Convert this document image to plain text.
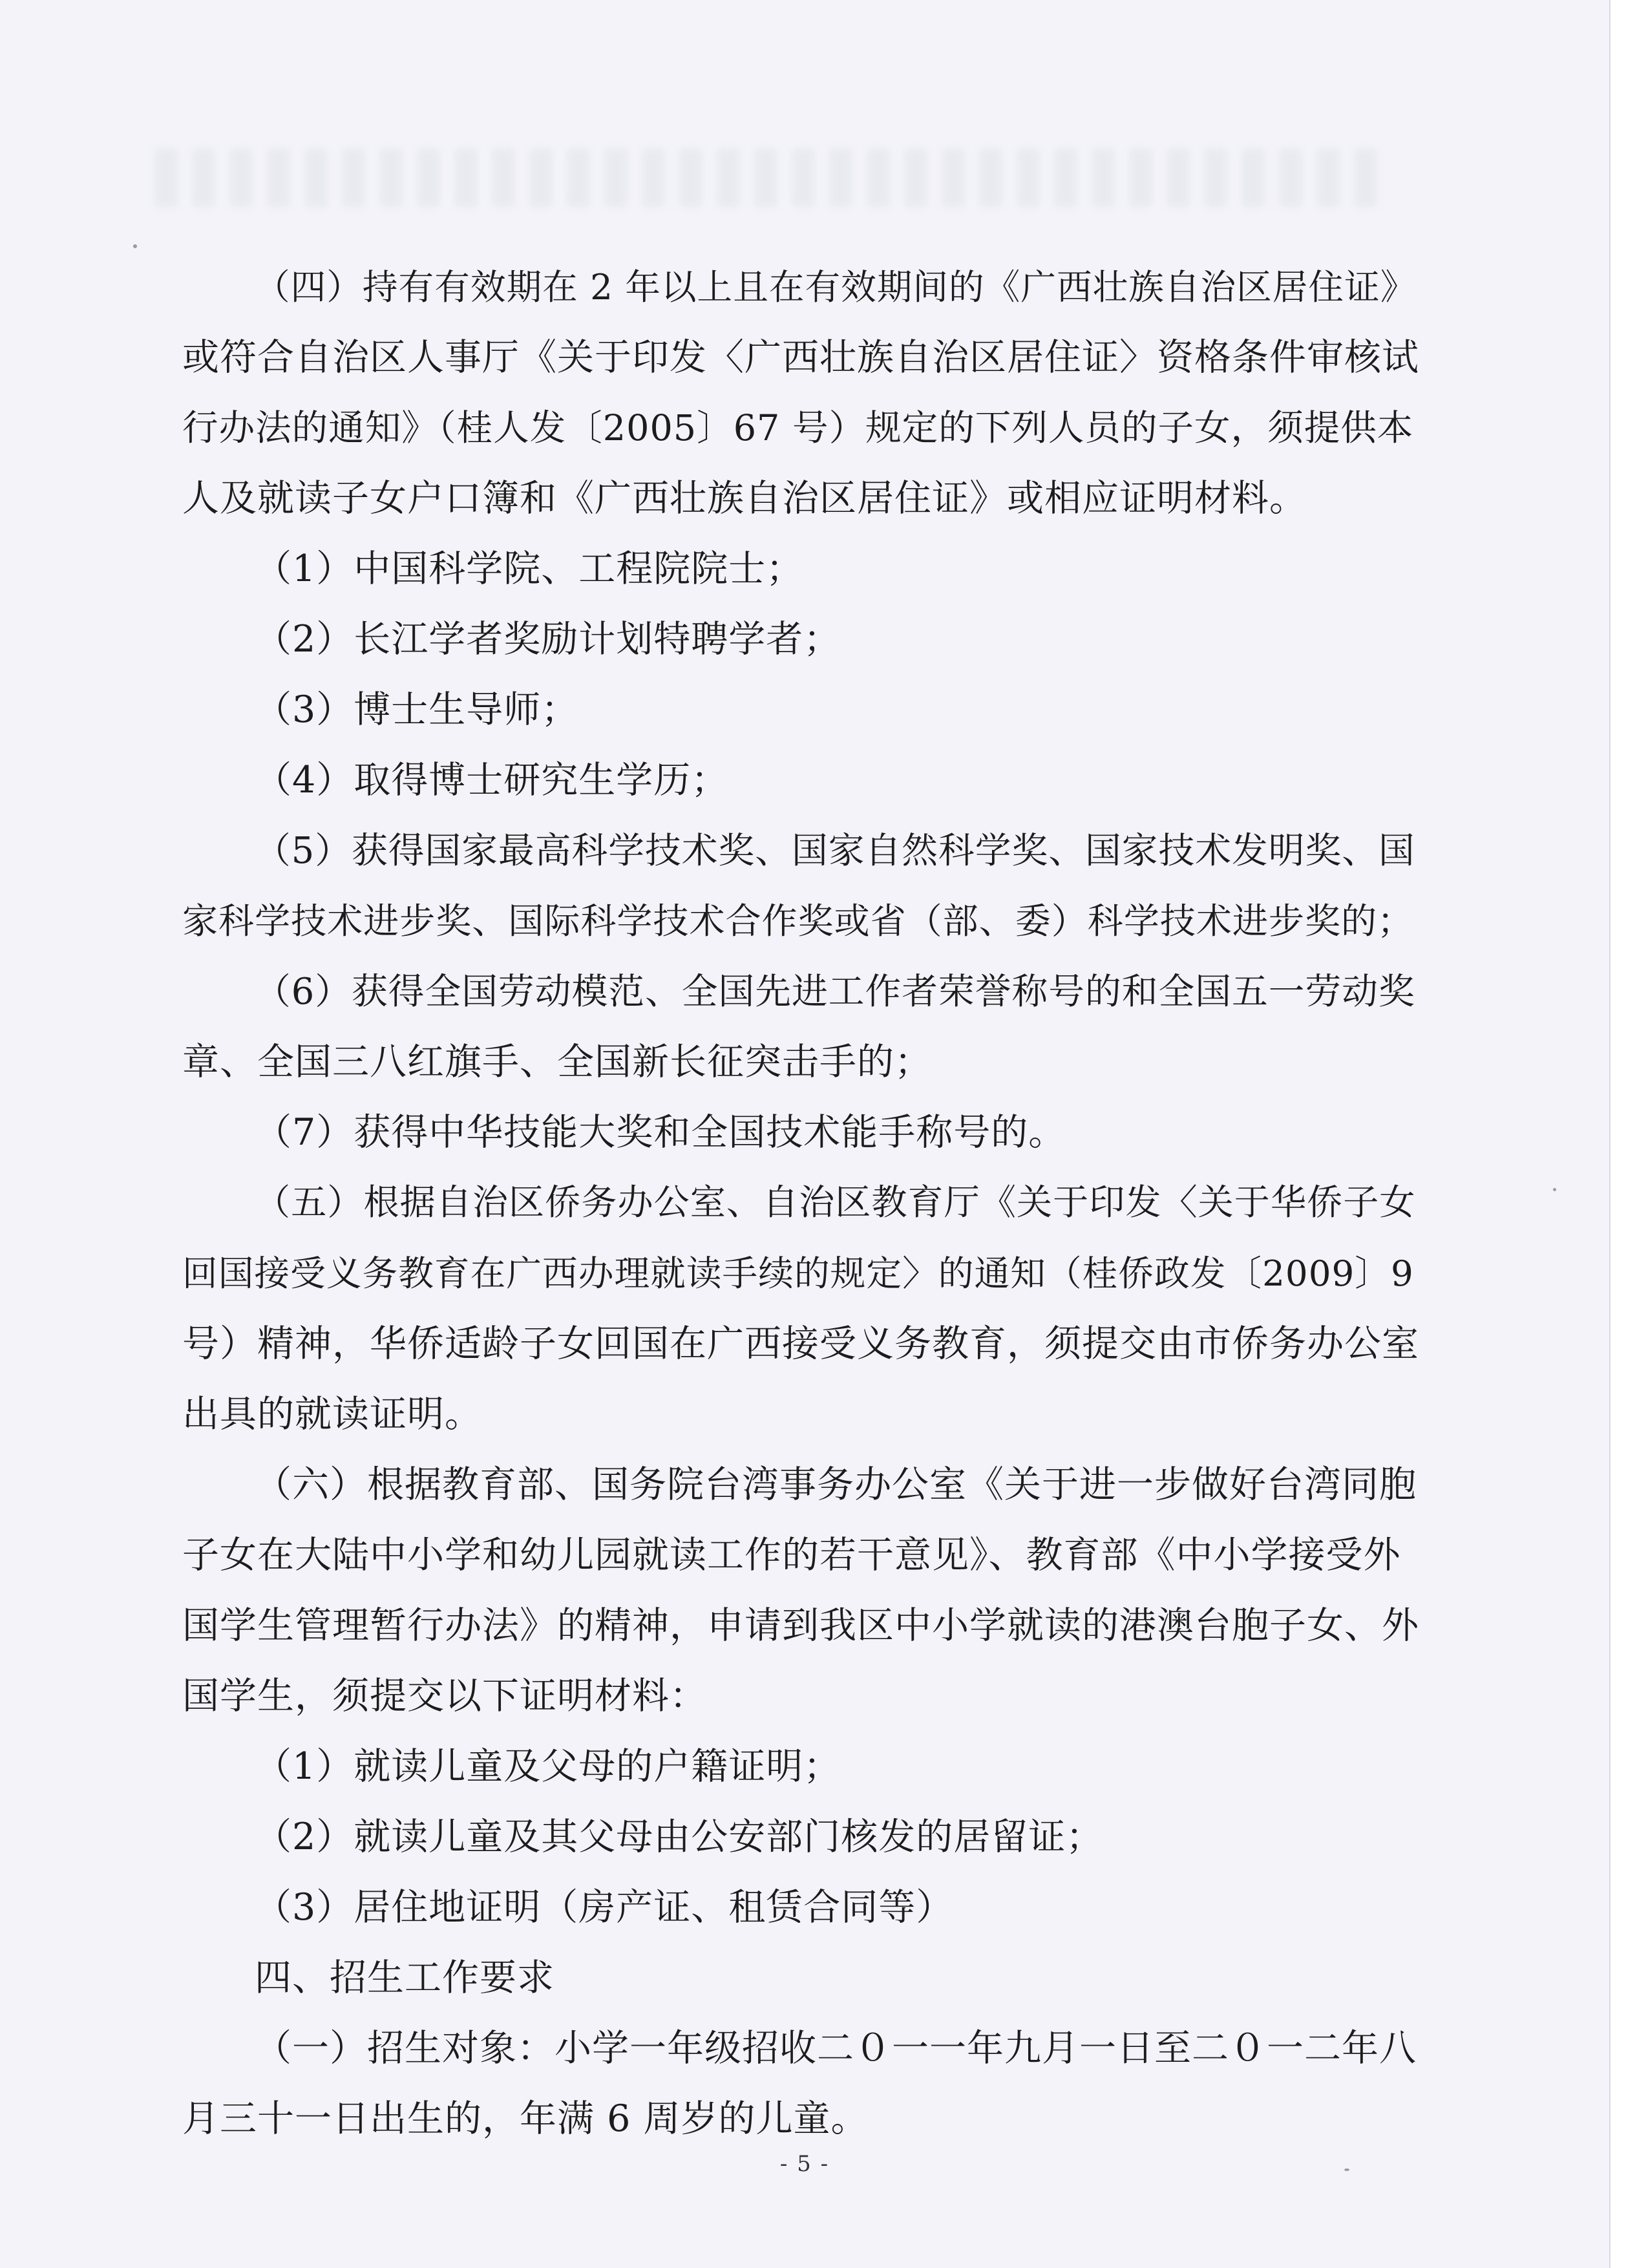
（四）持有有效期在 2 年以上且在有效期间的《广西壮族自治区居住证》
或符合自治区人事厅《关于印发〈广西壮族自治区居住证〉资格条件审核试
行办法的通知》（桂人发〔2005〕67 号）规定的下列人员的子女，须提供本
人及就读子女户口簿和《广西壮族自治区居住证》或相应证明材料。
（1）中国科学院、工程院院士；
（2）长江学者奖励计划特聘学者；
（3）博士生导师；
（4）取得博士研究生学历；
（5）获得国家最高科学技术奖、国家自然科学奖、国家技术发明奖、国
家科学技术进步奖、国际科学技术合作奖或省（部、委）科学技术进步奖的；
（6）获得全国劳动模范、全国先进工作者荣誉称号的和全国五一劳动奖
章、全国三八红旗手、全国新长征突击手的；
（7）获得中华技能大奖和全国技术能手称号的。
（五）根据自治区侨务办公室、自治区教育厅《关于印发〈关于华侨子女
回国接受义务教育在广西办理就读手续的规定〉的通知（桂侨政发〔2009〕9
号）精神，华侨适龄子女回国在广西接受义务教育，须提交由市侨务办公室
出具的就读证明。
（六）根据教育部、国务院台湾事务办公室《关于进一步做好台湾同胞
子女在大陆中小学和幼儿园就读工作的若干意见》、教育部《中小学接受外
国学生管理暂行办法》的精神，申请到我区中小学就读的港澳台胞子女、外
国学生，须提交以下证明材料：
（1）就读儿童及父母的户籍证明；
（2）就读儿童及其父母由公安部门核发的居留证；
（3）居住地证明（房产证、租赁合同等）
四、招生工作要求
（一）招生对象：小学一年级招收二０一一年九月一日至二０一二年八
月三十一日出生的，年满 6 周岁的儿童。
- 5 -
